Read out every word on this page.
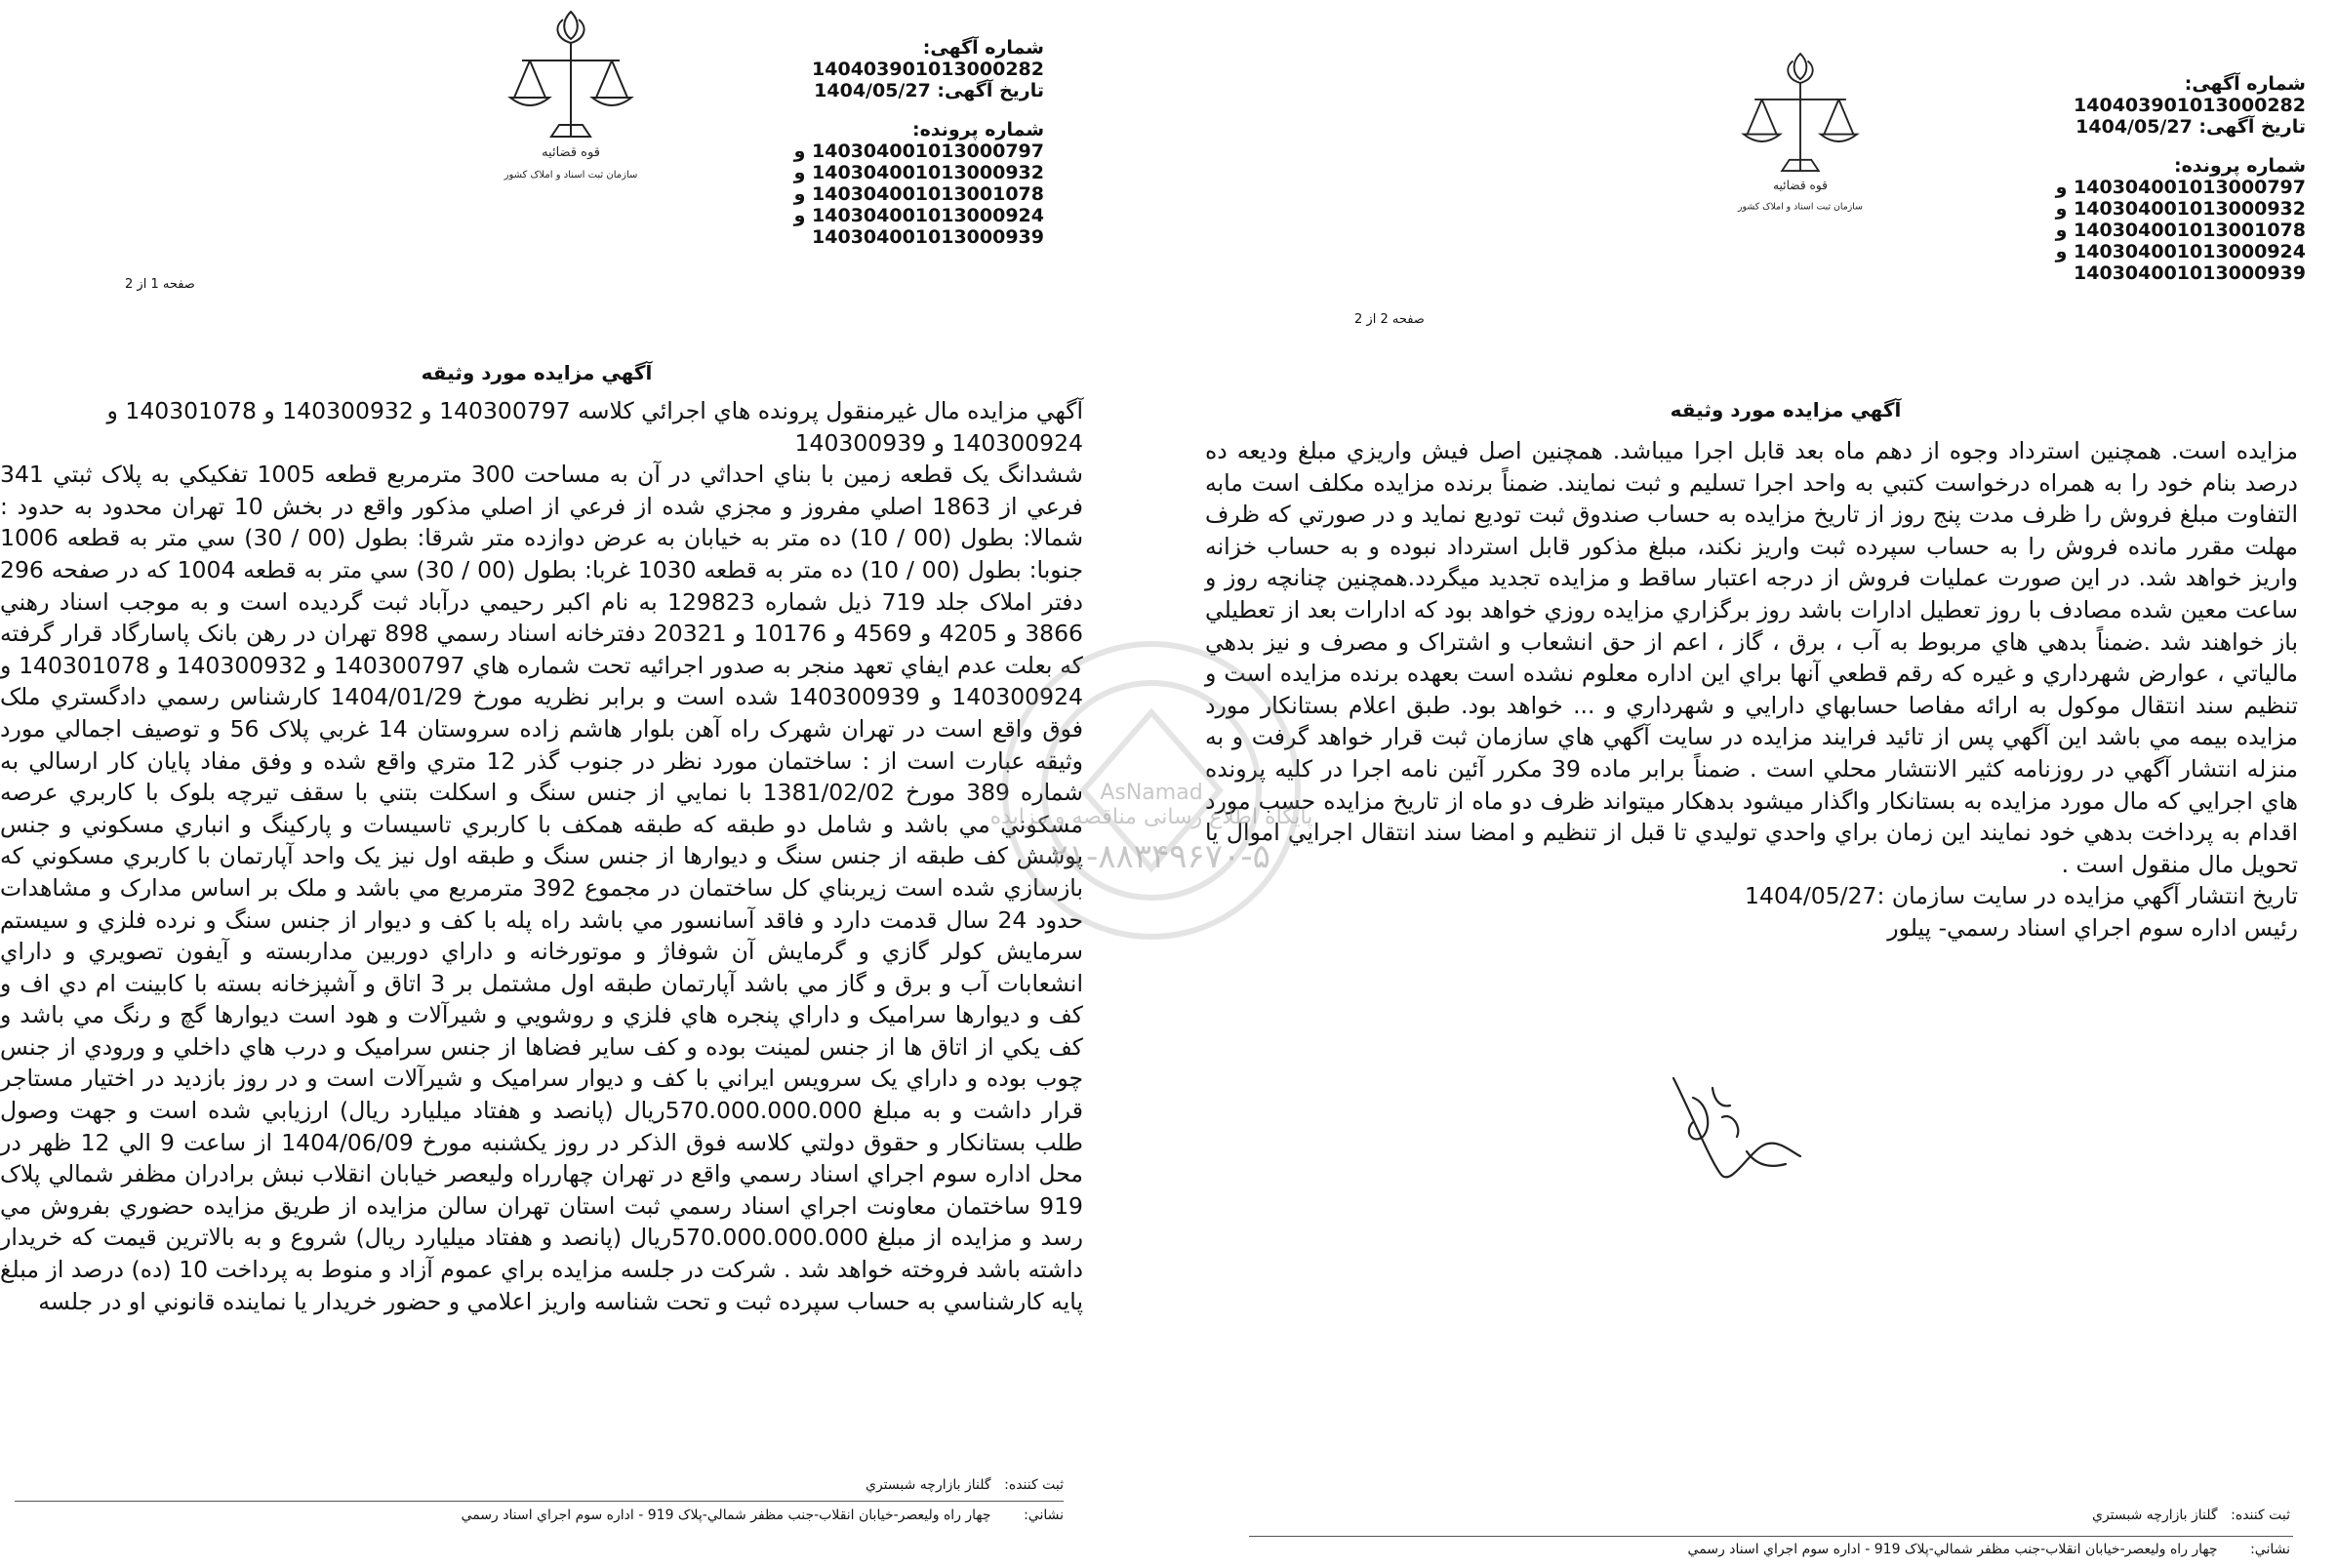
قوه قضائیه
سازمان ثبت اسناد و املاک کشور
شماره آگهی: 140403901013000282
تاریخ آگهی: 1404/05/27
شماره پرونده: 140304001013000797 و
140304001013000932 و
140304001013001078 و
140304001013000924 و
140304001013000939
صفحه 1 از 2
آگهي مزايده مورد وثيقه

آگهي مزايده مال غيرمنقول پرونده هاي اجرائي كلاسه 140300797 و 140300932 و 140301078 و

140300924 و 140300939

ششدانگ يک قطعه زمين با بناي احداثي در آن به مساحت 300 مترمربع قطعه 1005 تفكيكي به پلاک ثبتي 341 فرعي از 1863 اصلي مفروز و مجزي شده از فرعي از اصلي مذكور واقع در بخش 10 تهران محدود به حدود : شمالا: بطول (00 / 10) ده متر به خيابان به عرض دوازده متر شرقا: بطول (00 / 30) سي متر به قطعه 1006 جنوبا: بطول (00 / 10) ده متر به قطعه 1030 غربا: بطول (00 / 30) سي متر به قطعه 1004 كه در صفحه 296 دفتر املاک جلد 719 ذيل شماره 129823 به نام اكبر رحيمي درآباد ثبت گرديده است و به موجب اسناد رهني 3866 و 4205 و 4569 و 10176 و 20321 دفترخانه اسناد رسمي 898 تهران در رهن بانک پاسارگاد قرار گرفته كه بعلت عدم ايفاي تعهد منجر به صدور اجرائيه تحت شماره هاي 140300797 و 140300932 و 140301078 و 140300924 و 140300939 شده است و برابر نظريه مورخ 1404/01/29 كارشناس رسمي دادگستري ملک فوق واقع است در تهران شهرک راه آهن بلوار هاشم زاده سروستان 14 غربي پلاک 56 و توصيف اجمالي مورد وثيقه عبارت است از : ساختمان مورد نظر در جنوب گذر 12 متري واقع شده و وفق مفاد پايان كار ارسالي به شماره 389 مورخ 1381/02/02 با نمايي از جنس سنگ و اسكلت بتني با سقف تيرچه بلوک با كاربري عرصه مسكوني مي باشد و شامل دو طبقه كه طبقه همكف با كاربري تاسيسات و پاركينگ و انباري مسكوني و جنس پوشش كف طبقه از جنس سنگ و ديوارها از جنس سنگ و طبقه اول نيز يک واحد آپارتمان با كاربري مسكوني كه بازسازي شده است زيربناي كل ساختمان در مجموع 392 مترمربع مي باشد و ملک بر اساس مدارک و مشاهدات حدود 24 سال قدمت دارد و فاقد آسانسور مي باشد راه پله با كف و ديوار از جنس سنگ و نرده فلزي و سيستم سرمايش كولر گازي و گرمايش آن شوفاژ و موتورخانه و داراي دوربين مداربسته و آيفون تصويري و داراي انشعابات آب و برق و گاز مي باشد آپارتمان طبقه اول مشتمل بر 3 اتاق و آشپزخانه بسته با كابينت ام دي اف و كف و ديوارها سراميک و داراي پنجره هاي فلزي و روشويي و شيرآلات و هود است ديوارها گچ و رنگ مي باشد و كف يكي از اتاق ها از جنس لمينت بوده و كف ساير فضاها از جنس سراميک و درب هاي داخلي و ورودي از جنس چوب بوده و داراي يک سرويس ايراني با كف و ديوار سراميک و شيرآلات است و در روز بازديد در اختيار مستاجر قرار داشت و به مبلغ 570.000.000.000ريال (پانصد و هفتاد ميليارد ريال) ارزيابي شده است و جهت وصول طلب بستانكار و حقوق دولتي كلاسه فوق الذكر در روز يكشنبه مورخ 1404/06/09 از ساعت 9 الي 12 ظهر در محل اداره سوم اجراي اسناد رسمي واقع در تهران چهارراه وليعصر خيابان انقلاب نبش برادران مظفر شمالي پلاک 919 ساختمان معاونت اجراي اسناد رسمي ثبت استان تهران سالن مزايده از طريق مزايده حضوري بفروش مي رسد و مزايده از مبلغ 570.000.000.000ريال (پانصد و هفتاد ميليارد ريال) شروع و به بالاترين قيمت كه خريدار داشته باشد فروخته خواهد شد . شركت در جلسه مزايده براي عموم آزاد و منوط به پرداخت 10 (ده) درصد از مبلغ پايه كارشناسي به حساب سپرده ثبت و تحت شناسه واريز اعلامي و حضور خريدار يا نماينده قانوني او در جلسه

ثبت كننده: گلناز بازارچه شبستري
نشاني: چهار راه وليعصر-خيابان انقلاب-جنب مظفر شمالي-پلاک 919 - اداره سوم اجراي اسناد رسمي
قوه قضائیه
سازمان ثبت اسناد و املاک کشور
شماره آگهی: 140403901013000282
تاریخ آگهی: 1404/05/27
شماره پرونده: 140304001013000797 و
140304001013000932 و
140304001013001078 و
140304001013000924 و
140304001013000939
صفحه 2 از 2
آگهي مزايده مورد وثيقه

مزايده است. همچنين استرداد وجوه از دهم ماه بعد قابل اجرا ميباشد. همچنين اصل فيش واريزي مبلغ وديعه ده درصد بنام خود را به همراه درخواست كتبي به واحد اجرا تسليم و ثبت نمايند. ضمناً برنده مزايده مكلف است مابه التفاوت مبلغ فروش را ظرف مدت پنج روز از تاريخ مزايده به حساب صندوق ثبت توديع نمايد و در صورتي كه ظرف مهلت مقرر مانده فروش را به حساب سپرده ثبت واريز نكند، مبلغ مذكور قابل استرداد نبوده و به حساب خزانه واريز خواهد شد. در اين صورت عمليات فروش از درجه اعتبار ساقط و مزايده تجديد ميگردد.همچنين چنانچه روز و ساعت معين شده مصادف با روز تعطيل ادارات باشد روز برگزاري مزايده روزي خواهد بود كه ادارات بعد از تعطيلي باز خواهند شد .ضمناً بدهي هاي مربوط به آب ، برق ، گاز ، اعم از حق انشعاب و اشتراک و مصرف و نيز بدهي مالياتي ، عوارض شهرداري و غيره كه رقم قطعي آنها براي اين اداره معلوم نشده است بعهده برنده مزايده است و تنظيم سند انتقال موكول به ارائه مفاصا حسابهاي دارايي و شهرداري و ... خواهد بود. طبق اعلام بستانكار مورد مزايده بيمه مي باشد اين آگهي پس از تائيد فرايند مزايده در سايت آگهي هاي سازمان ثبت قرار خواهد گرفت و به منزله انتشار آگهي در روزنامه كثير الانتشار محلي است . ضمناً برابر ماده 39 مكرر آئين نامه اجرا در كليه پرونده هاي اجرايي كه مال مورد مزايده به بستانكار واگذار ميشود بدهكار ميتواند ظرف دو ماه از تاريخ مزايده حسب مورد اقدام به پرداخت بدهي خود نمايند اين زمان براي واحدي توليدي تا قبل از تنظيم و امضا سند انتقال اجرايي اموال يا تحويل مال منقول است .

تاريخ انتشار آگهي مزايده در سايت سازمان :1404/05/27

رئيس اداره سوم اجراي اسناد رسمي- پيلور

ثبت كننده: گلناز بازارچه شبستري
نشاني: چهار راه وليعصر-خيابان انقلاب-جنب مظفر شمالي-پلاک 919 - اداره سوم اجراي اسناد رسمي
AsNamad
پایگاه اطلاع رسانی مناقصه و مزایده
۰۲۱-۸۸۳۴۹۶۷۰-۵
